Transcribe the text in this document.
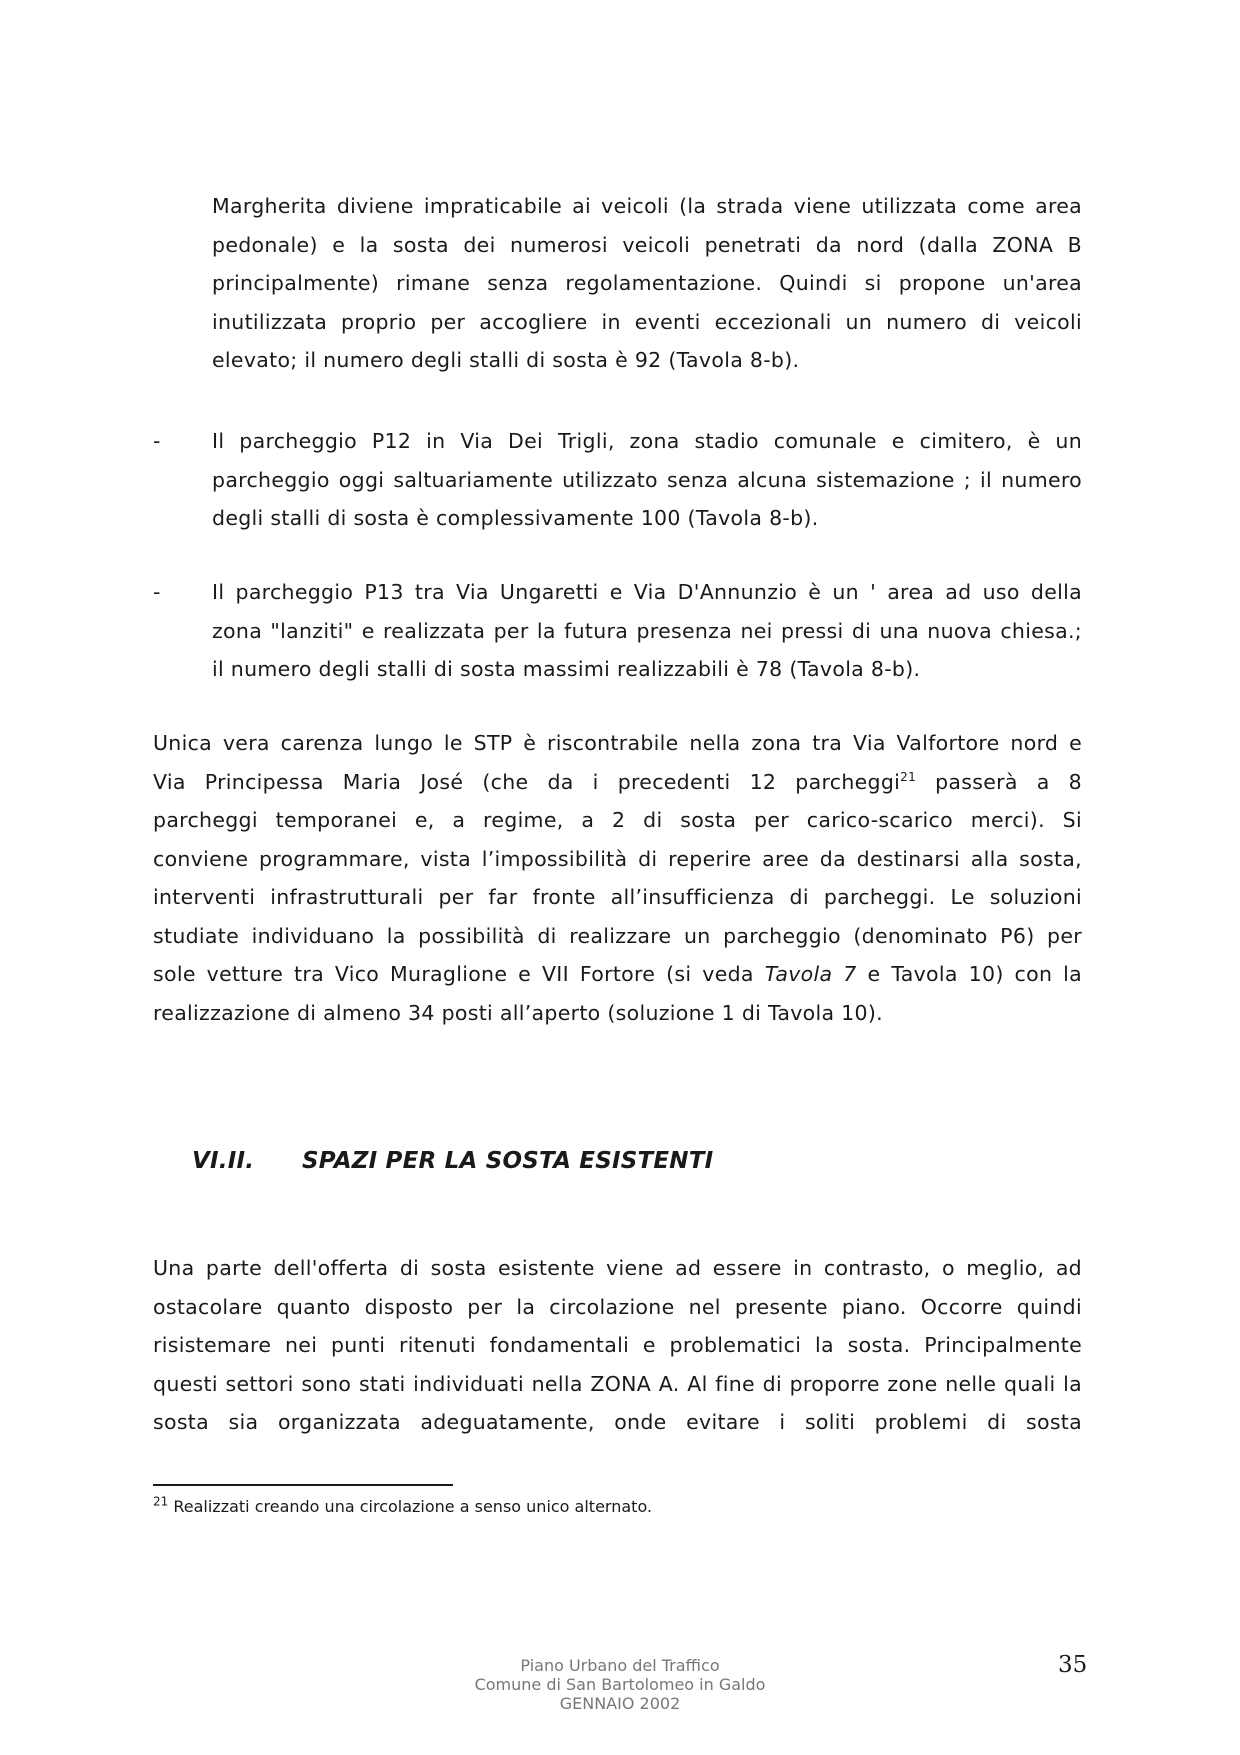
Margherita diviene impraticabile ai veicoli (la strada viene utilizzata come area
pedonale) e la sosta dei numerosi veicoli penetrati da nord (dalla ZONA B
principalmente) rimane senza regolamentazione. Quindi si propone un'area
inutilizzata proprio per accogliere in eventi eccezionali un numero di veicoli
elevato; il numero degli stalli di sosta è 92 (Tavola 8-b).
-	Il parcheggio P12 in Via Dei Trigli, zona stadio comunale e cimitero, è un
parcheggio oggi saltuariamente utilizzato senza alcuna sistemazione ; il numero
degli stalli di sosta è complessivamente 100 (Tavola 8-b).
-	Il parcheggio P13 tra Via Ungaretti e Via D'Annunzio è un ' area ad uso della
zona "lanziti" e realizzata per la futura presenza nei pressi di una nuova chiesa.;
il numero degli stalli di sosta massimi realizzabili è 78 (Tavola 8-b).
Unica vera carenza lungo le STP è riscontrabile nella zona tra Via Valfortore nord e
Via Principessa Maria José (che da i precedenti 12 parcheggi$^{21}$ passerà a 8
parcheggi temporanei e, a regime, a 2 di sosta per carico-scarico merci). Si
conviene programmare, vista l’impossibilità di reperire aree da destinarsi alla sosta,
interventi infrastrutturali per far fronte all’insufficienza di parcheggi. Le soluzioni
studiate individuano la possibilità di realizzare un parcheggio (denominato P6) per
sole vetture tra Vico Muraglione e VII Fortore (si veda Tavola 7 e Tavola 10) con la
realizzazione di almeno 34 posti all’aperto (soluzione 1 di Tavola 10).
VI.II. SPAZI PER LA SOSTA ESISTENTI
Una parte dell'offerta di sosta esistente viene ad essere in contrasto, o meglio, ad
ostacolare quanto disposto per la circolazione nel presente piano. Occorre quindi
risistemare nei punti ritenuti fondamentali e problematici la sosta. Principalmente
questi settori sono stati individuati nella ZONA A. Al fine di proporre zone nelle quali la
sosta sia organizzata adeguatamente, onde evitare i soliti problemi di sosta
$^{21}$ Realizzati creando una circolazione a senso unico alternato.
Piano Urbano del Traffico
Comune di San Bartolomeo in Galdo
GENNAIO 2002
35
